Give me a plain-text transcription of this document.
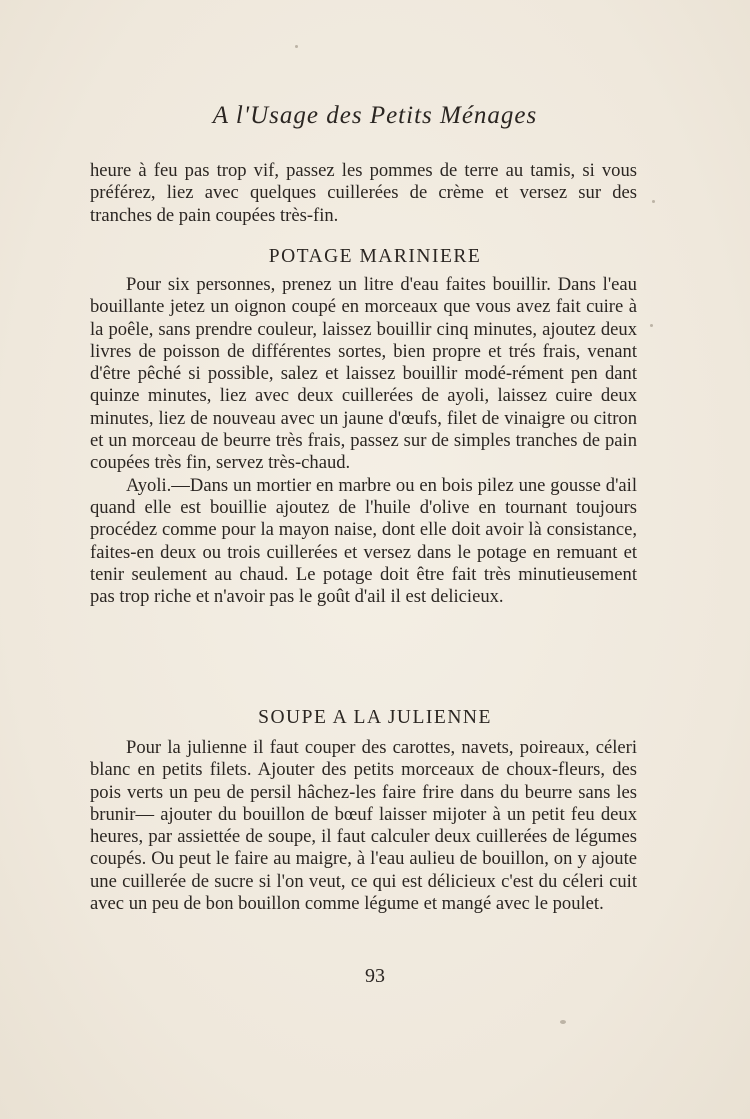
A l'Usage des Petits Ménages

heure à feu pas trop vif, passez les pommes de terre au tamis, si vous préférez, liez avec quelques cuillerées de crème et versez sur des tranches de pain coupées très-fin.

POTAGE MARINIERE

Pour six personnes, prenez un litre d'eau faites bouillir. Dans l'eau bouillante jetez un oignon coupé en morceaux que vous avez fait cuire à la poêle, sans prendre couleur, laissez bouillir cinq minutes, ajoutez deux livres de poisson de différentes sortes, bien propre et trés frais, venant d'être pêché si possible, salez et laissez bouillir modé-rément pen dant quinze minutes, liez avec deux cuillerées de ayoli, laissez cuire deux minutes, liez de nouveau avec un jaune d'œufs, filet de vinaigre ou citron et un morceau de beurre très frais, passez sur de simples tranches de pain coupées très fin, servez très-chaud.

Ayoli.—Dans un mortier en marbre ou en bois pilez une gousse d'ail quand elle est bouillie ajoutez de l'huile d'olive en tournant toujours procédez comme pour la mayon naise, dont elle doit avoir là consistance, faites-en deux ou trois cuillerées et versez dans le potage en remuant et tenir seulement au chaud. Le potage doit être fait très minutieusement pas trop riche et n'avoir pas le goût d'ail il est delicieux.

SOUPE A LA JULIENNE

Pour la julienne il faut couper des carottes, navets, poireaux, céleri blanc en petits filets. Ajouter des petits morceaux de choux-fleurs, des pois verts un peu de persil hâchez-les faire frire dans du beurre sans les brunir— ajouter du bouillon de bœuf laisser mijoter à un petit feu deux heures, par assiettée de soupe, il faut calculer deux cuillerées de légumes coupés. Ou peut le faire au maigre, à l'eau aulieu de bouillon, on y ajoute une cuillerée de sucre si l'on veut, ce qui est délicieux c'est du céleri cuit avec un peu de bon bouillon comme légume et mangé avec le poulet.

93
